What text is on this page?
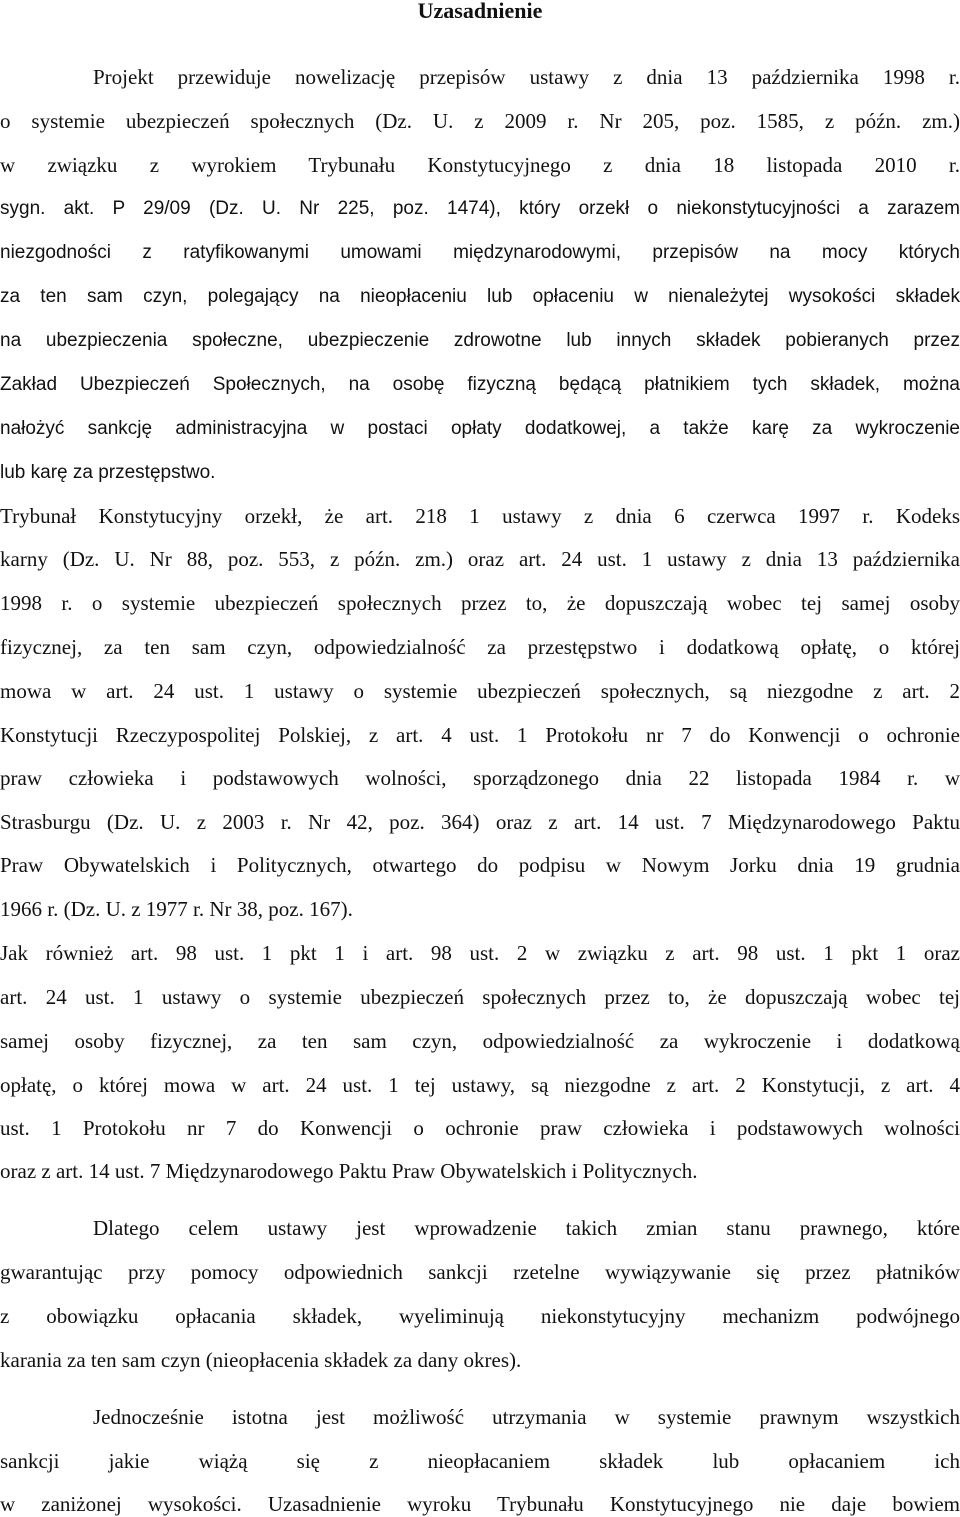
Uzasadnienie
Projekt przewiduje nowelizację przepisów ustawy z dnia 13 października 1998 r.
o systemie ubezpieczeń społecznych (Dz. U. z 2009 r. Nr 205, poz. 1585, z późn. zm.)
w związku z wyrokiem Trybunału Konstytucyjnego z dnia 18 listopada 2010 r.
sygn. akt. P 29/09 (Dz. U. Nr 225, poz. 1474), który orzekł o niekonstytucyjności a zarazem
niezgodności z ratyfikowanymi umowami międzynarodowymi, przepisów na mocy których
za ten sam czyn, polegający na nieopłaceniu lub opłaceniu w nienależytej wysokości składek
na ubezpieczenia społeczne, ubezpieczenie zdrowotne lub innych składek pobieranych przez
Zakład Ubezpieczeń Społecznych, na osobę fizyczną będącą płatnikiem tych składek, można
nałożyć sankcję administracyjna w postaci opłaty dodatkowej, a także karę za wykroczenie
lub karę za przestępstwo.
Trybunał Konstytucyjny orzekł, że art. 218 1 ustawy z dnia 6 czerwca 1997 r. Kodeks
karny (Dz. U. Nr 88, poz. 553, z późn. zm.) oraz art. 24 ust. 1 ustawy z dnia 13 października
1998 r. o systemie ubezpieczeń społecznych przez to, że dopuszczają wobec tej samej osoby
fizycznej, za ten sam czyn, odpowiedzialność za przestępstwo i dodatkową opłatę, o której
mowa w art. 24 ust. 1 ustawy o systemie ubezpieczeń społecznych, są niezgodne z art. 2
Konstytucji Rzeczypospolitej Polskiej, z art. 4 ust. 1 Protokołu nr 7 do Konwencji o ochronie
praw człowieka i podstawowych wolności, sporządzonego dnia 22 listopada 1984 r. w
Strasburgu (Dz. U. z 2003 r. Nr 42, poz. 364) oraz z art. 14 ust. 7 Międzynarodowego Paktu
Praw Obywatelskich i Politycznych, otwartego do podpisu w Nowym Jorku dnia 19 grudnia
1966 r. (Dz. U. z 1977 r. Nr 38, poz. 167).
Jak również art. 98 ust. 1 pkt 1 i art. 98 ust. 2 w związku z art. 98 ust. 1 pkt 1 oraz
art. 24 ust. 1 ustawy o systemie ubezpieczeń społecznych przez to, że dopuszczają wobec tej
samej osoby fizycznej, za ten sam czyn, odpowiedzialność za wykroczenie i dodatkową
opłatę, o której mowa w art. 24 ust. 1 tej ustawy, są niezgodne z art. 2 Konstytucji, z art. 4
ust. 1 Protokołu nr 7 do Konwencji o ochronie praw człowieka i podstawowych wolności
oraz z art. 14 ust. 7 Międzynarodowego Paktu Praw Obywatelskich i Politycznych.
Dlatego celem ustawy jest wprowadzenie takich zmian stanu prawnego, które
gwarantując przy pomocy odpowiednich sankcji rzetelne wywiązywanie się przez płatników
z obowiązku opłacania składek, wyeliminują niekonstytucyjny mechanizm podwójnego
karania za ten sam czyn (nieopłacenia składek za dany okres).
Jednocześnie istotna jest możliwość utrzymania w systemie prawnym wszystkich
sankcji jakie wiążą się z nieopłacaniem składek lub opłacaniem ich
w zaniżonej wysokości. Uzasadnienie wyroku Trybunału Konstytucyjnego nie daje bowiem
